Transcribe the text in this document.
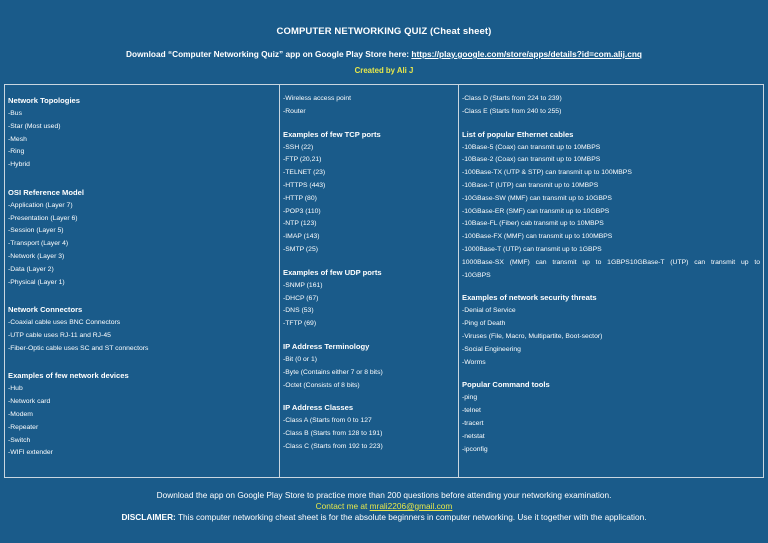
COMPUTER NETWORKING QUIZ (Cheat sheet)
Download “Computer Networking Quiz” app on Google Play Store here: https://play.google.com/store/apps/details?id=com.alij.cnq
Created by Ali J
Network Topologies
-Bus
-Star (Most used)
-Mesh
-Ring
-Hybrid
OSI Reference Model
-Application (Layer 7)
-Presentation (Layer 6)
-Session (Layer 5)
-Transport (Layer 4)
-Network (Layer 3)
-Data (Layer 2)
-Physical (Layer 1)
Network Connectors
-Coaxial cable uses BNC Connectors
-UTP cable uses RJ-11 and RJ-45
-Fiber-Optic cable uses SC and ST connectors
Examples of few network devices
-Hub
-Network card
-Modem
-Repeater
-Switch
-WIFI extender
-Wireless access point
-Router
Examples of few TCP ports
-SSH (22)
-FTP (20,21)
-TELNET (23)
-HTTPS (443)
-HTTP (80)
-POP3 (110)
-NTP (123)
-IMAP (143)
-SMTP (25)
Examples of few UDP ports
-SNMP (161)
-DHCP (67)
-DNS (53)
-TFTP (69)
IP Address Terminology
-Bit (0 or 1)
-Byte (Contains either 7 or 8 bits)
-Octet (Consists of 8 bits)
IP Address Classes
-Class A (Starts from 0 to 127
-Class B (Starts from 128 to 191)
-Class C (Starts from 192 to 223)
-Class D (Starts from 224 to 239)
-Class E (Starts from 240 to 255)
List of popular Ethernet cables
-10Base-5 (Coax) can transmit up to 10MBPS
-10Base-2 (Coax) can transmit up to 10MBPS
-100Base-TX (UTP & STP) can transmit up to 100MBPS
-10Base-T (UTP) can transmit up to 10MBPS
-10GBase-SW (MMF) can transmit up to 10GBPS
-10GBase-ER (SMF) can transmit up to 10GBPS
-10Base-FL (Fiber) cab transmit up to 10MBPS
-100Base-FX (MMF) can transmit up to 100MBPS
-1000Base-T (UTP) can transmit up to 1GBPS
1000Base-SX (MMF) can transmit up to 1GBPS10GBase-T (UTP) can transmit up to
-10GBPS
Examples of network security threats
-Denial of Service
-Ping of Death
-Viruses (File, Macro, Multipartite, Boot-sector)
-Social Engineering
-Worms
Popular Command tools
-ping
-telnet
-tracert
-netstat
-ipconfig
Download the app on Google Play Store to practice more than 200 questions before attending your networking examination.
Contact me at mrali2206@gmail.com
DISCLAIMER: This computer networking cheat sheet is for the absolute beginners in computer networking. Use it together with the application.
